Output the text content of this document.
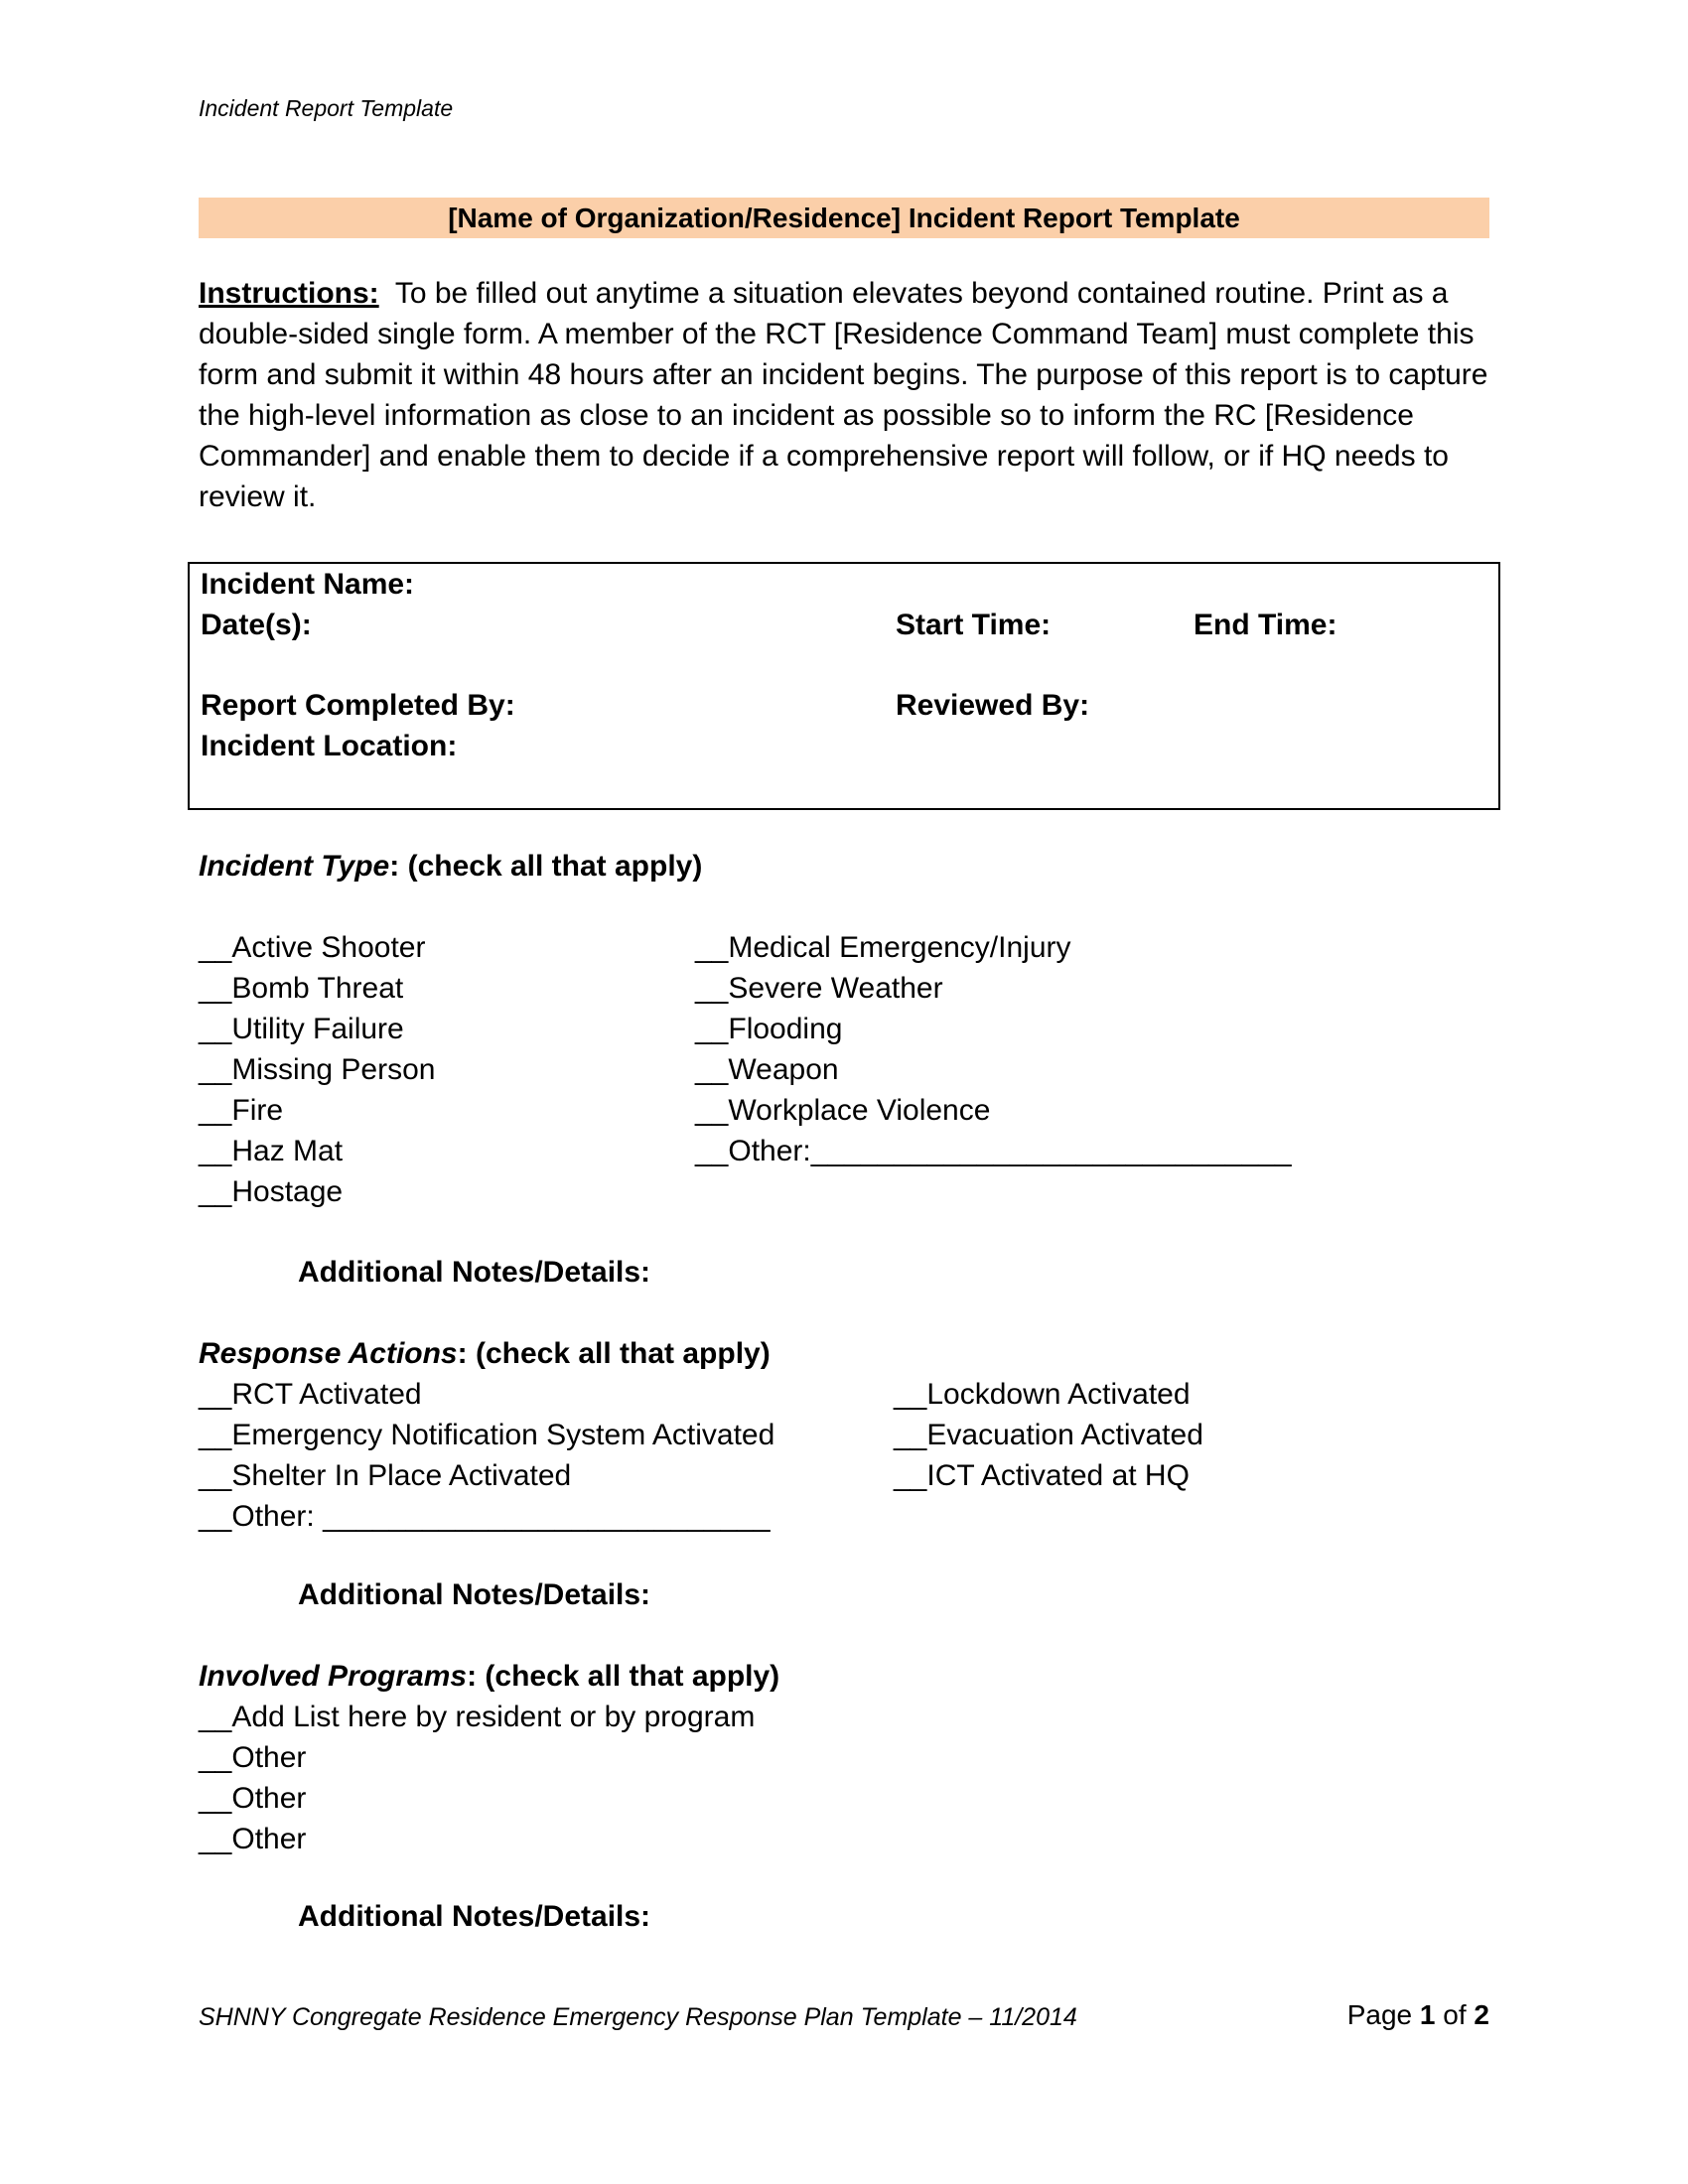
Incident Report Template
[Name of Organization/Residence] Incident Report Template
Instructions: To be filled out anytime a situation elevates beyond contained routine. Print as a double-sided single form. A member of the RCT [Residence Command Team] must complete this form and submit it within 48 hours after an incident begins. The purpose of this report is to capture the high-level information as close to an incident as possible so to inform the RC [Residence Commander] and enable them to decide if a comprehensive report will follow, or if HQ needs to review it.
Incident Name:
Date(s):	Start Time:	End Time:
Report Completed By:	Reviewed By:
Incident Location:
Incident Type: (check all that apply)
__Active Shooter
__Bomb Threat
__Utility Failure
__Missing Person
__Fire
__Haz Mat
__Hostage
__Medical Emergency/Injury
__Severe Weather
__Flooding
__Weapon
__Workplace Violence
__Other:_____________________________
Additional Notes/Details:
Response Actions: (check all that apply)
__RCT Activated
__Emergency Notification System Activated
__Shelter In Place Activated
__Other: ___________________________
__Lockdown Activated
__Evacuation Activated
__ICT Activated at HQ
Additional Notes/Details:
Involved Programs: (check all that apply)
__Add List here by resident or by program
__Other
__Other
__Other
Additional Notes/Details:
SHNNY Congregate Residence Emergency Response Plan Template – 11/2014	Page 1 of 2
